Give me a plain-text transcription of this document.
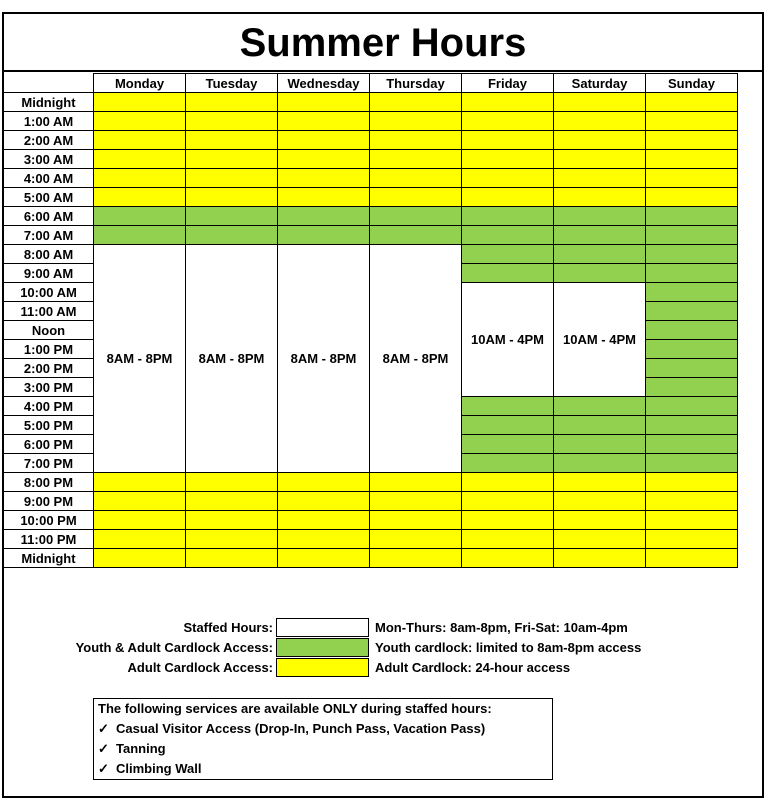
Summer Hours
	Monday	Tuesday	Wednesday	Thursday	Friday	Saturday	Sunday
Midnight							
1:00 AM							
2:00 AM							
3:00 AM							
4:00 AM							
5:00 AM							
6:00 AM							
7:00 AM							
8:00 AM	8AM - 8PM	8AM - 8PM	8AM - 8PM	8AM - 8PM			
9:00 AM							
10:00 AM					10AM - 4PM	10AM - 4PM	
11:00 AM							
Noon							
1:00 PM							
2:00 PM							
3:00 PM							
4:00 PM							
5:00 PM							
6:00 PM							
7:00 PM							
8:00 PM							
9:00 PM							
10:00 PM							
11:00 PM							
Midnight							
Staffed Hours:	Mon-Thurs: 8am-8pm, Fri-Sat: 10am-4pm
Youth & Adult Cardlock Access:	Youth cardlock: limited to 8am-8pm access
Adult Cardlock Access:	Adult Cardlock: 24-hour access
The following services are available ONLY during staffed hours:
✓ Casual Visitor Access (Drop-In, Punch Pass, Vacation Pass)
✓ Tanning
✓ Climbing Wall
